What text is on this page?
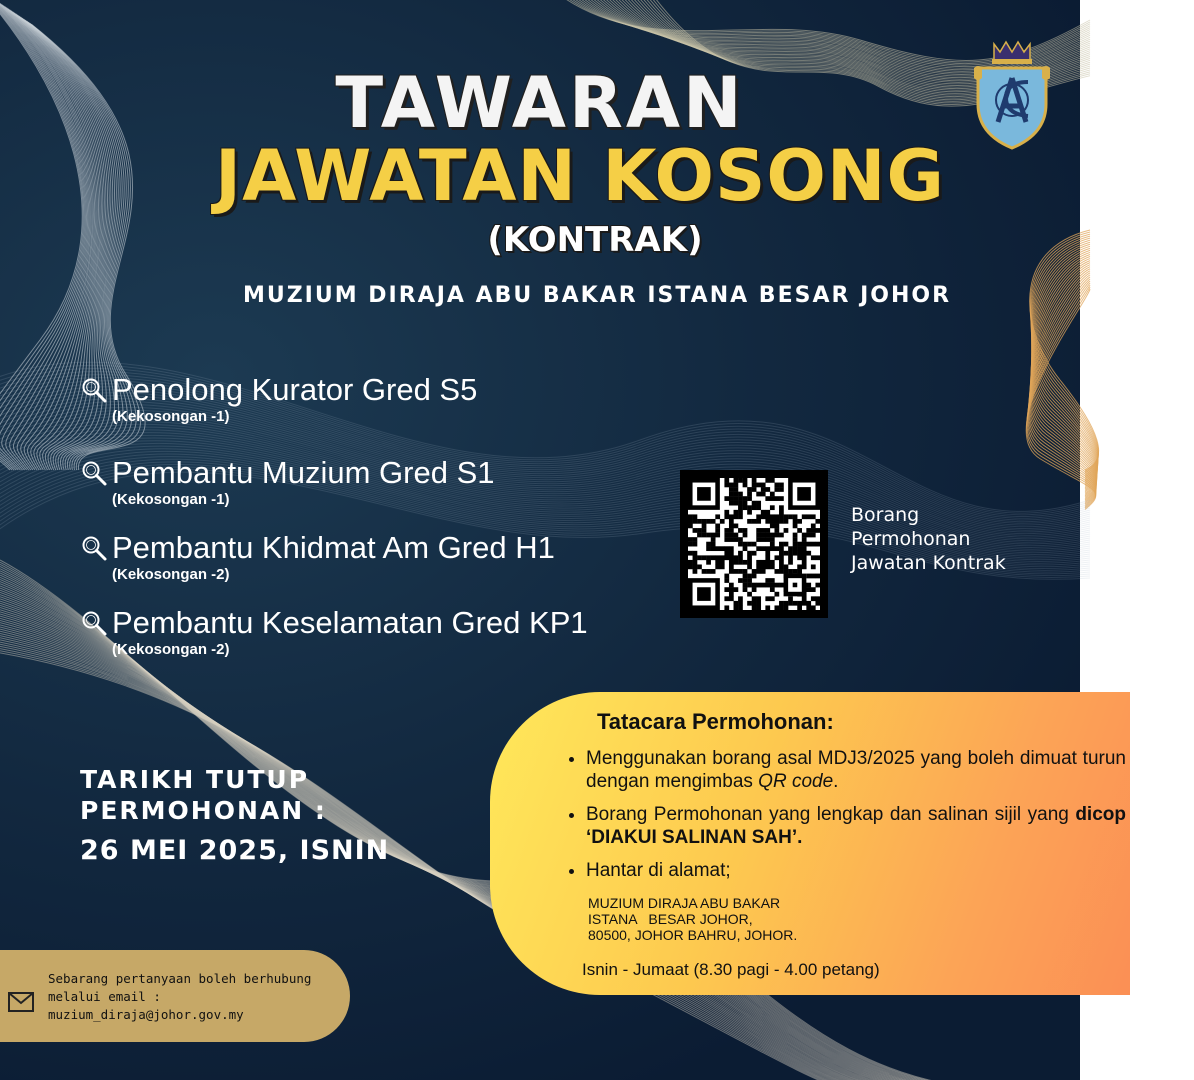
TAWARAN
JAWATAN KOSONG
(KONTRAK)
MUZIUM DIRAJA ABU BAKAR ISTANA BESAR JOHOR
Penolong Kurator Gred S5
(Kekosongan -1)
Pembantu Muzium Gred S1
(Kekosongan -1)
Pembantu Khidmat Am Gred H1
(Kekosongan -2)
Pembantu Keselamatan Gred KP1
(Kekosongan -2)
Borang
Permohonan
Jawatan Kontrak
TARIKH TUTUP
PERMOHONAN :
26 MEI 2025, ISNIN
Tatacara Permohonan:
• Menggunakan borang asal MDJ3/2025 yang boleh dimuat turun dengan mengimbas QR code.
• Borang Permohonan yang lengkap dan salinan sijil yang dicop ‘DIAKUI SALINAN SAH’.
• Hantar di alamat;
MUZIUM DIRAJA ABU BAKAR
ISTANA   BESAR JOHOR,
80500, JOHOR BAHRU, JOHOR.
Isnin - Jumaat (8.30 pagi - 4.00 petang)
Sebarang pertanyaan boleh berhubung
melalui email :
muzium_diraja@johor.gov.my
